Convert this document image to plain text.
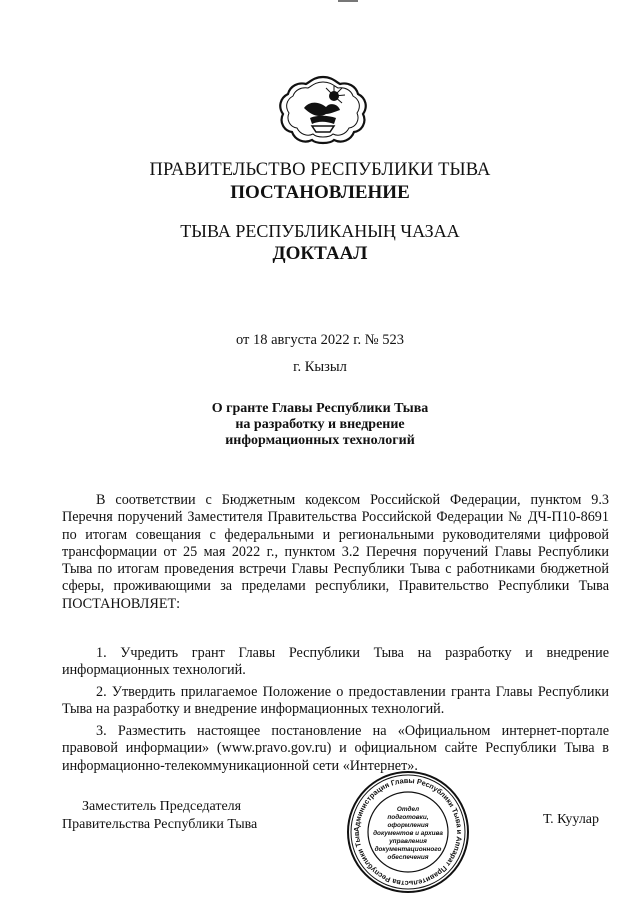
ПРАВИТЕЛЬСТВО РЕСПУБЛИКИ ТЫВА
ПОСТАНОВЛЕНИЕ
ТЫВА РЕСПУБЛИКАНЫҢ ЧАЗАА
ДОКТААЛ
от 18 августа 2022 г. № 523
г. Кызыл
О гранте Главы Республики Тыва
на разработку и внедрение
информационных технологий

В соответствии с Бюджетным кодексом Российской Федерации, пунктом 9.3 Перечня поручений Заместителя Правительства Российской Федерации № ДЧ-П10-8691 по итогам совещания с федеральными и региональными руководителями цифровой трансформации от 25 мая 2022 г., пунктом 3.2 Перечня поручений Главы Республики Тыва по итогам проведения встречи Главы Республики Тыва с работниками бюджетной сферы, проживающими за пределами республики, Правительство Республики Тыва ПОСТАНОВЛЯЕТ:

1. Учредить грант Главы Республики Тыва на разработку и внедрение информационных технологий.

2. Утвердить прилагаемое Положение о предоставлении гранта Главы Республики Тыва на разработку и внедрение информационных технологий.

3. Разместить настоящее постановление на «Официальном интернет-портале правовой информации» (www.pravo.gov.ru) и официальном сайте Республики Тыва в информационно-телекоммуникационной сети «Интернет».

Заместитель Председателя
Правительства Республики Тыва	Т. Куулар
Администрация Главы Республики Тыва и Аппарат Правительства Республики Тыв
Отдел
подготовки,
оформления
документов и архива
управления
документационного
обеспечения
